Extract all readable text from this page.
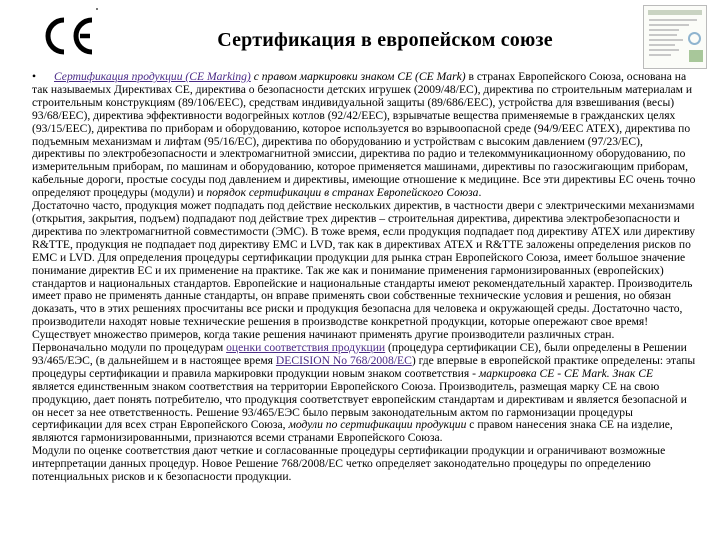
Сертификация в европейском союзе

• Сертификация продукции (CE Marking) с правом маркировки знаком CE (CE Mark) в странах Европейского Союза, основана на так называемых Директивах CE, директива о безопасности детских игрушек (2009/48/EC), директива по строительным материалам и строительным конструкциям (89/106/EEC), средствам индивидуальной защиты (89/686/EEC), устройства для взвешивания (весы) 93/68/EEC), директива эффективности водогрейных котлов (92/42/EEC), взрывчатые вещества применяемые в гражданских целях (93/15/EEC), директива по приборам и оборудованию, которое используется во взрывоопасной среде (94/9/EEC ATEX), директива по подъемным механизмам и лифтам (95/16/EC), директива по оборудованию и устройствам с высоким давлением (97/23/EC), директивы по электробезопасности и электромагнитной эмиссии, директива по радио и телекоммуникационному оборудованию, по измерительным приборам, по машинам и оборудованию, которое применяется машинами, директивы по газосжигающим приборам, кабельные дороги, простые сосуды под давлением и директивы, имеющие отношение к медицине. Все эти директивы ЕС очень точно определяют процедуры (модули) и порядок сертификации в странах Европейского Союза.

Достаточно часто, продукция может подпадать под действие нескольких директив, в частности двери с электрическими механизмами (открытия, закрытия, подъем) подпадают под действие трех директив – строительная директива, директива электробезопасности и директива по электромагнитной совместимости (ЭМС). В тоже время, если продукция подпадает под директиву ATEX или директиву R&TTE, продукция не подпадает под директиву EMC и LVD, так как в директивах ATEX и R&TTE заложены определения рисков по EMC и LVD. Для определения процедуры сертификации продукции для рынка стран Европейского Союза, имеет большое значение понимание директив ЕС и их применение на практике. Так же как и понимание применения гармонизированных (европейских) стандартов и национальных стандартов. Европейские и национальные стандарты имеют рекомендательный характер. Производитель имеет право не применять данные стандарты, он вправе применять свои собственные технические условия и решения, но обязан доказать, что в этих решениях просчитаны все риски и продукция безопасна для человека и окружающей среды. Достаточно часто, производители находят новые технические решения в производстве конкретной продукции, которые опережают свое время! Существует множество примеров, когда такие решения начинают применять другие производители различных стран.

Первоначально модули по процедурам оценки соответствия продукции (процедура сертификации CE), были определены в Решении 93/465/ЕЭС, (в дальнейшем и в настоящее время DECISION No 768/2008/EC) где впервые в европейской практике определены: этапы процедуры сертификации и правила маркировки продукции новым знаком соответствия - маркировка CE - CE Mark. Знак CE является единственным знаком соответствия на территории Европейского Союза. Производитель, размещая марку CE на свою продукцию, дает понять потребителю, что продукция соответствует европейским стандартам и директивам и является безопасной и он несет за нее ответственность. Решение 93/465/ЕЭС было первым законодательным актом по гармонизации процедуры сертификации для всех стран Европейского Союза, модули по сертификации продукции с правом нанесения знака CE на изделие, являются гармонизированными, признаются всеми странами Европейского Союза.

Модули по оценке соответствия дают четкие и согласованные процедуры сертификации продукции и ограничивают возможные интерпретации данных процедур. Новое Решение 768/2008/EC четко определяет законодательно процедуры по определению потенциальных рисков и к безопасности продукции.
